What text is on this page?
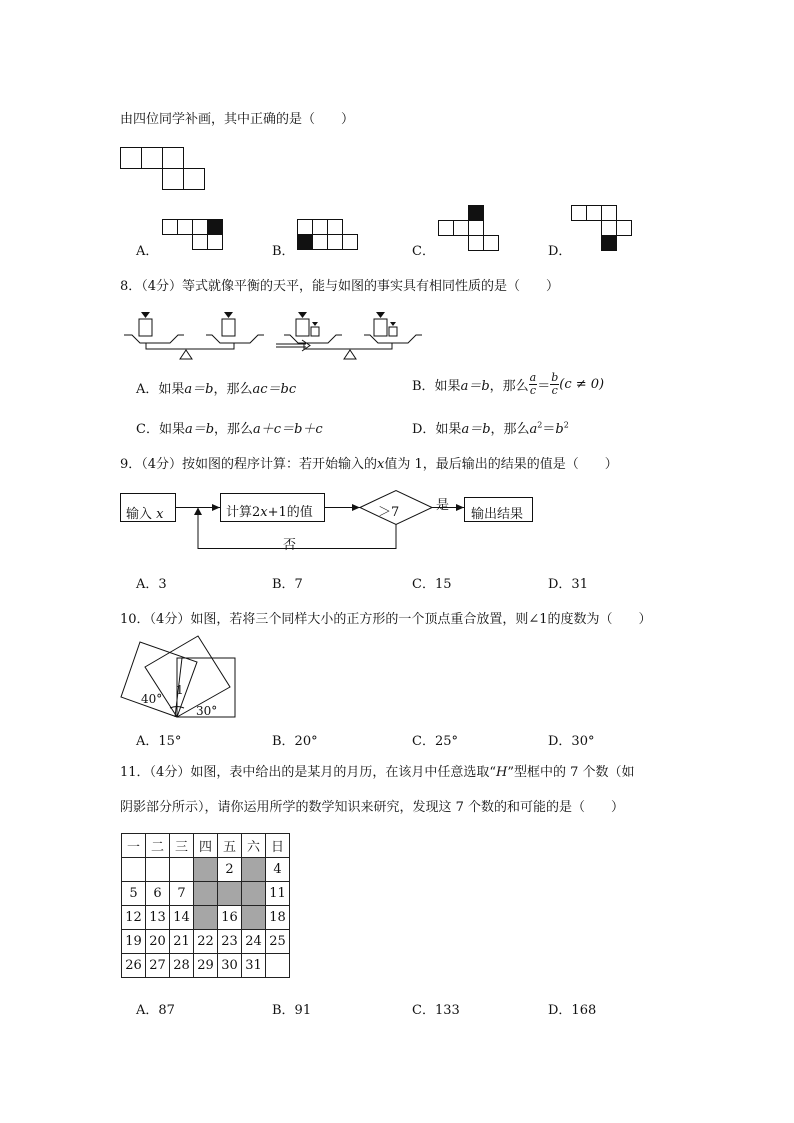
由四位同学补画，其中正确的是（　　）
A．	B．	C．	D．
8．（4分）等式就像平衡的天平，能与如图的事实具有相同性质的是（　　）
A．如果a＝b，那么ac＝bc	B．如果a＝b，那么 $\frac{a}{c} = \frac{b}{c} (c \ne 0)$
C．如果a＝b，那么a＋c＝b＋c	D．如果a＝b，那么$a^2=b^2$
9．（4分）按如图的程序计算：若开始输入的x值为 1，最后输出的结果的值是（　　）
输入 x	计算2x+1的值	＞7	是
输出结果
否
A．3	B．7	C．15	D．31
10．（4分）如图，若将三个同样大小的正方形的一个顶点重合放置，则∠1的度数为（　　）
40°
30°
1
A．15°	B．20°	C．25°	D．30°
11．（4分）如图，表中给出的是某月的月历，在该月中任意选取“H”型框中的 7 个数（如
阴影部分所示），请你运用所学的数学知识来研究，发现这 7 个数的和可能的是（　　）
一	二	三	四	五	六	日
				2		4
5	6	7				11
12	13	14		16		18
19	20	21	22	23	24	25
26	27	28	29	30	31	
A．87	B．91	C．133	D．168
